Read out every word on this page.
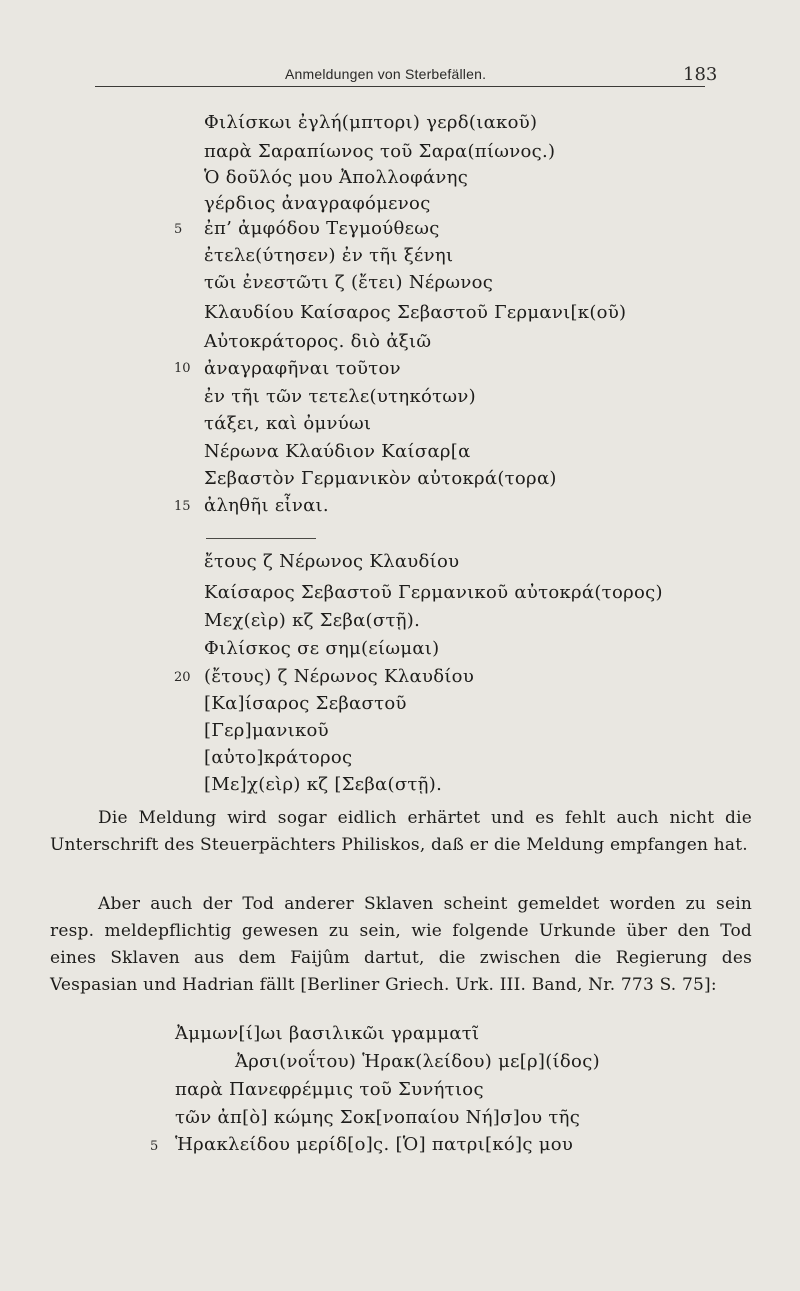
Anmeldungen von Sterbefällen.	183
Φιλίσκωι ἐγλή(μπτορι) γερδ(ιακοῦ)
παρὰ Σαραπίωνος τοῦ Σαρα(πίωνος.)
Ὁ δοῦλός μου Ἀπολλοφάνης
γέρδιος ἀναγραφόμενος
5 ἐπ’ ἀμφόδου Τεγμούθεως
ἐτελε(ύτησεν) ἐν τῆι ξένηι
τῶι ἐνεστῶτι ζ (ἔτει) Νέρωνος
Κλαυδίου Καίσαρος Σεβαστοῦ Γερμανι[κ(οῦ)
Αὐτοκράτορος. διὸ ἀξιῶ
10 ἀναγραφῆναι τοῦτον
ἐν τῆι τῶν τετελε(υτηκότων)
τάξει, καὶ ὀμνύωι
Νέρωνα Κλαύδιον Καίσαρ[α
Σεβαστὸν Γερμανικὸν αὐτοκρά(τορα)
15 ἀληθῆι εἶναι.
ἔτους ζ Νέρωνος Κλαυδίου
Καίσαρος Σεβαστοῦ Γερμανικοῦ αὐτοκρά(τορος)
Μεχ(εὶρ) κζ Σεβα(στῇ).
Φιλίσκος σε σημ(είωμαι)
20 (ἔτους) ζ Νέρωνος Κλαυδίου
[Κα]ίσαρος Σεβαστοῦ
[Γερ]μανικοῦ
[αὐτο]κράτορος
[Με]χ(εὶρ) κζ [Σεβα(στῇ).

Die Meldung wird sogar eidlich erhärtet und es fehlt auch nicht die Unterschrift des Steuerpächters Philiskos, daß er die Meldung empfangen hat.

Aber auch der Tod anderer Sklaven scheint gemeldet worden zu sein resp. meldepflichtig gewesen zu sein, wie folgende Urkunde über den Tod eines Sklaven aus dem Faijûm dartut, die zwischen die Regierung des Vespasian und Hadrian fällt [Berliner Griech. Urk. III. Band, Nr. 773 S. 75]:

Ἀμμων[ί]ωι βασιλικῶι γραμματῖ
Ἀρσι(νοΐτου) Ἡρακ(λείδου) με[ρ](ίδος)
παρὰ Πανεφρέμμις τοῦ Συνήτιος
τῶν ἀπ[ὸ] κώμης Σοκ[νοπαίου Νή]σ]ου τῆς
5 Ἡρακλείδου μερίδ[ο]ς. [Ὁ] πατρι[κό]ς μου
